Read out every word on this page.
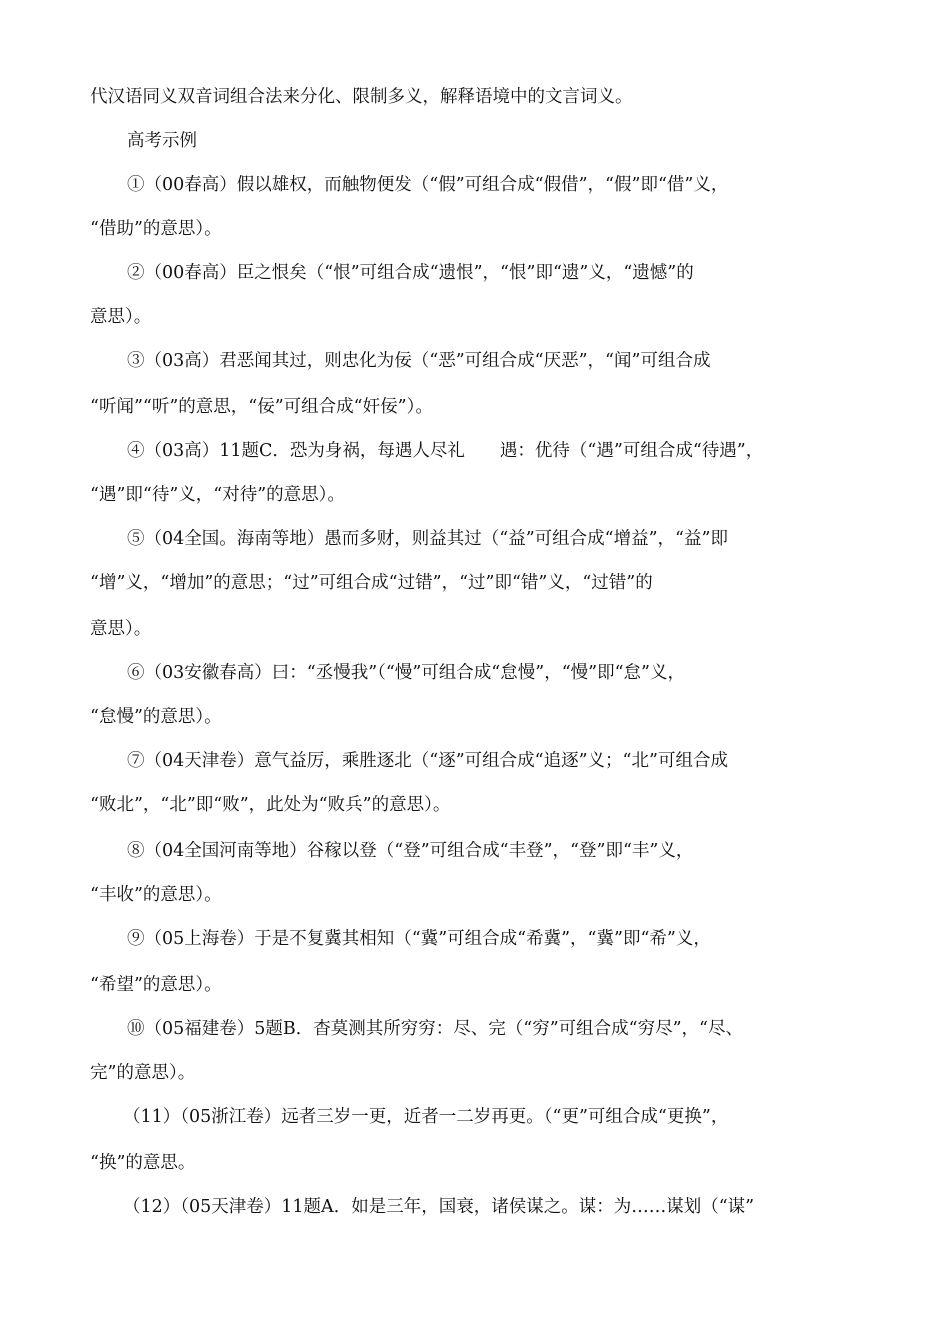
代汉语同义双音词组合法来分化、限制多义，解释语境中的文言词义。
高考示例
①（00春高）假以雄权，而触物便发（“假”可组合成“假借”，“假”即“借”义，
“借助”的意思）。
②（00春高）臣之恨矣（“恨”可组合成“遗恨”，“恨”即“遗”义，“遗憾”的
意思）。
③（03高）君恶闻其过，则忠化为佞（“恶”可组合成“厌恶”，“闻”可组合成
“听闻”“听”的意思，“佞”可组合成“奸佞”）。
④（03高）11题C．恐为身祸，每遇人尽礼　　遇：优待（“遇”可组合成“待遇”，
“遇”即“待”义，“对待”的意思）。
⑤（04全国。海南等地）愚而多财，则益其过（“益”可组合成“增益”，“益”即
“增”义，“增加”的意思；“过”可组合成“过错”，“过”即“错”义，“过错”的
意思）。
⑥（03安徽春高）曰：“丞慢我”（“慢”可组合成“怠慢”，“慢”即“怠”义，
“怠慢”的意思）。
⑦（04天津卷）意气益厉，乘胜逐北（“逐”可组合成“追逐”义；“北”可组合成
“败北”，“北”即“败”，此处为“败兵”的意思）。
⑧（04全国河南等地）谷稼以登（“登”可组合成“丰登”，“登”即“丰”义，
“丰收”的意思）。
⑨（05上海卷）于是不复冀其相知（“冀”可组合成“希冀”，“冀”即“希”义，
“希望”的意思）。
⑩（05福建卷）5题B．杳莫测其所穷穷：尽、完（“穷”可组合成“穷尽”，“尽、
完”的意思）。
（11）（05浙江卷）远者三岁一更，近者一二岁再更。（“更”可组合成“更换”，
“换”的意思。
（12）（05天津卷）11题A．如是三年，国衰，诸侯谋之。谋：为……谋划（“谋”
